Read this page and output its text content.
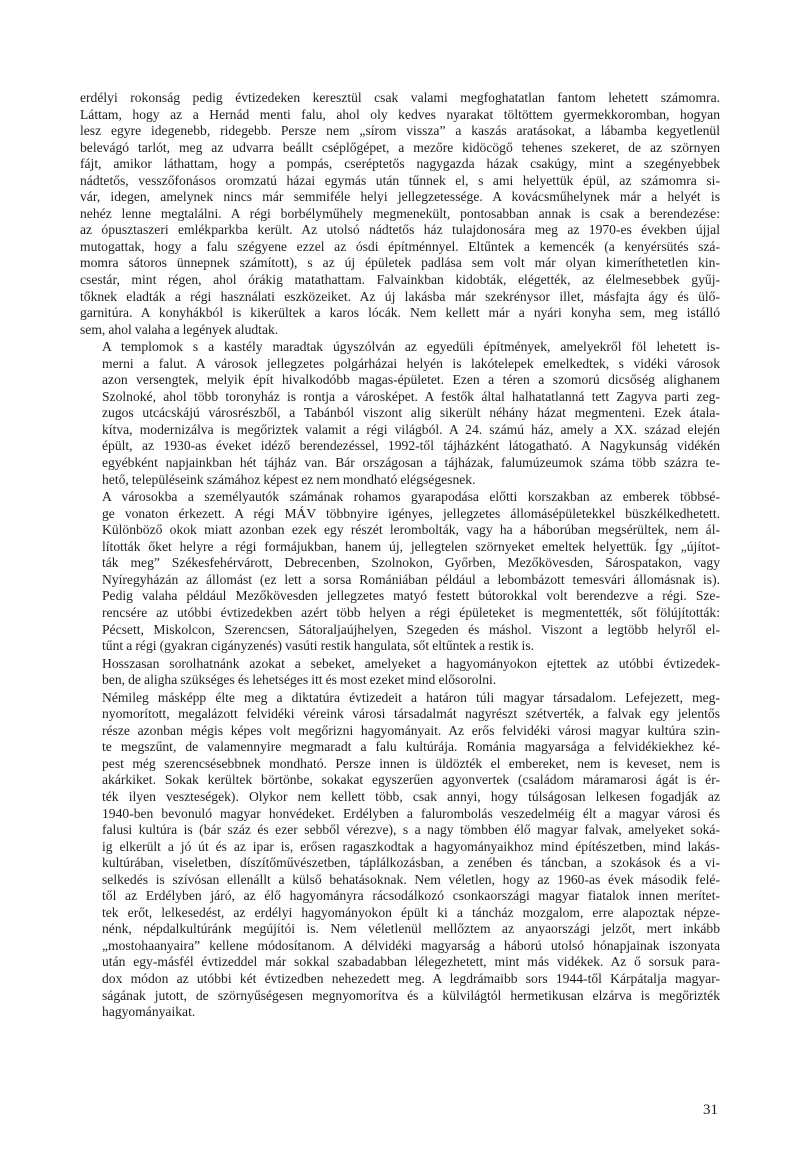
erdélyi rokonság pedig évtizedeken keresztül csak valami megfoghatatlan fantom lehetett számomra.
Láttam, hogy az a Hernád menti falu, ahol oly kedves nyarakat töltöttem gyermekkoromban, hogyan
lesz egyre idegenebb, ridegebb. Persze nem „sírom vissza” a kaszás aratásokat, a lábamba kegyetlenül
belevágó tarlót, meg az udvarra beállt cséplőgépet, a mezőre kidöcögő tehenes szekeret, de az szörnyen
fájt, amikor láthattam, hogy a pompás, cseréptetős nagygazda házak csakúgy, mint a szegényebbek
nádtetős, vesszőfonásos oromzatú házai egymás után tűnnek el, s ami helyettük épül, az számomra si-
vár, idegen, amelynek nincs már semmiféle helyi jellegzetessége. A kovácsműhelynek már a helyét is
nehéz lenne megtalálni. A régi borbélyműhely megmenekült, pontosabban annak is csak a berendezése:
az ópusztaszeri emlékparkba került. Az utolsó nádtetős ház tulajdonosára meg az 1970-es években újjal
mutogattak, hogy a falu szégyene ezzel az ósdi építménnyel. Eltűntek a kemencék (a kenyérsütés szá-
momra sátoros ünnepnek számított), s az új épületek padlása sem volt már olyan kimeríthetetlen kin-
csestár, mint régen, ahol órákig matathattam. Falvainkban kidobták, elégették, az élelmesebbek gyűj-
tőknek eladták a régi használati eszközeiket. Az új lakásba már szekrénysor illet, másfajta ágy és ülő-
garnitúra. A konyhákból is kikerültek a karos lócák. Nem kellett már a nyári konyha sem, meg istálló
sem, ahol valaha a legények aludtak.
A templomok s a kastély maradtak úgyszólván az egyedüli építmények, amelyekről föl lehetett is-
merni a falut. A városok jellegzetes polgárházai helyén is lakótelepek emelkedtek, s vidéki városok
azon versengtek, melyik épít hivalkodóbb magas-épületet. Ezen a téren a szomorú dicsőség alighanem
Szolnoké, ahol több toronyház is rontja a városképet. A festők által halhatatlanná tett Zagyva parti zeg-
zugos utcácskájú városrészből, a Tabánból viszont alig sikerült néhány házat megmenteni. Ezek átala-
kítva, modernizálva is megőriztek valamit a régi világból. A 24. számú ház, amely a XX. század elején
épült, az 1930-as éveket idéző berendezéssel, 1992-től tájházként látogatható. A Nagykunság vidékén
egyébként napjainkban hét tájház van. Bár országosan a tájházak, falumúzeumok száma több százra te-
hető, településeink számához képest ez nem mondható elégségesnek.
A városokba a személyautók számának rohamos gyarapodása előtti korszakban az emberek többsé-
ge vonaton érkezett. A régi MÁV többnyire igényes, jellegzetes állomásépületekkel büszkélkedhetett.
Különböző okok miatt azonban ezek egy részét lerombolták, vagy ha a háborúban megsérültek, nem ál-
lították őket helyre a régi formájukban, hanem új, jellegtelen szörnyeket emeltek helyettük. Így „újítot-
ták meg” Székesfehérvárott, Debrecenben, Szolnokon, Győrben, Mezőkövesden, Sárospatakon, vagy
Nyíregyházán az állomást (ez lett a sorsa Romániában például a lebombázott temesvári állomásnak is).
Pedig valaha például Mezőkövesden jellegzetes matyó festett bútorokkal volt berendezve a régi. Sze-
rencsére az utóbbi évtizedekben azért több helyen a régi épületeket is megmentették, sőt fölújították:
Pécsett, Miskolcon, Szerencsen, Sátoraljaújhelyen, Szegeden és máshol. Viszont a legtöbb helyről el-
tűnt a régi (gyakran cigányzenés) vasúti restik hangulata, sőt eltűntek a restik is.
Hosszasan sorolhatnánk azokat a sebeket, amelyeket a hagyományokon ejtettek az utóbbi évtizedek-
ben, de aligha szükséges és lehetséges itt és most ezeket mind elősorolni.
Némileg másképp élte meg a diktatúra évtizedeit a határon túli magyar társadalom. Lefejezett, meg-
nyomorított, megalázott felvidéki véreink városi társadalmát nagyrészt szétverték, a falvak egy jelentős
része azonban mégis képes volt megőrizni hagyományait. Az erős felvidéki városi magyar kultúra szin-
te megszűnt, de valamennyire megmaradt a falu kultúrája. Románia magyarsága a felvidékiekhez ké-
pest még szerencsésebbnek mondható. Persze innen is üldözték el embereket, nem is keveset, nem is
akárkiket. Sokak kerültek börtönbe, sokakat egyszerűen agyonvertek (családom máramarosi ágát is ér-
ték ilyen veszteségek). Olykor nem kellett több, csak annyi, hogy túlságosan lelkesen fogadják az
1940-ben bevonuló magyar honvédeket. Erdélyben a falurombolás veszedelméig élt a magyar városi és
falusi kultúra is (bár száz és ezer sebből vérezve), s a nagy tömbben élő magyar falvak, amelyeket soká-
ig elkerült a jó út és az ipar is, erősen ragaszkodtak a hagyományaikhoz mind építészetben, mind lakás-
kultúrában, viseletben, díszítőművészetben, táplálkozásban, a zenében és táncban, a szokások és a vi-
selkedés is szívósan ellenállt a külső behatásoknak. Nem véletlen, hogy az 1960-as évek második felé-
től az Erdélyben járó, az élő hagyományra rácsodálkozó csonkaországi magyar fiatalok innen merítet-
tek erőt, lelkesedést, az erdélyi hagyományokon épült ki a táncház mozgalom, erre alapoztak népze-
nénk, népdalkultúránk megújítói is. Nem véletlenül mellőztem az anyaországi jelzőt, mert inkább
„mostohaanyaira” kellene módosítanom. A délvidéki magyarság a háború utolsó hónapjainak iszonyata
után egy-másfél évtizeddel már sokkal szabadabban lélegezhetett, mint más vidékek. Az ő sorsuk para-
dox módon az utóbbi két évtizedben nehezedett meg. A legdrámaibb sors 1944-től Kárpátalja magyar-
ságának jutott, de szörnyűségesen megnyomorítva és a külvilágtól hermetikusan elzárva is megőrizték
hagyományaikat.
31
